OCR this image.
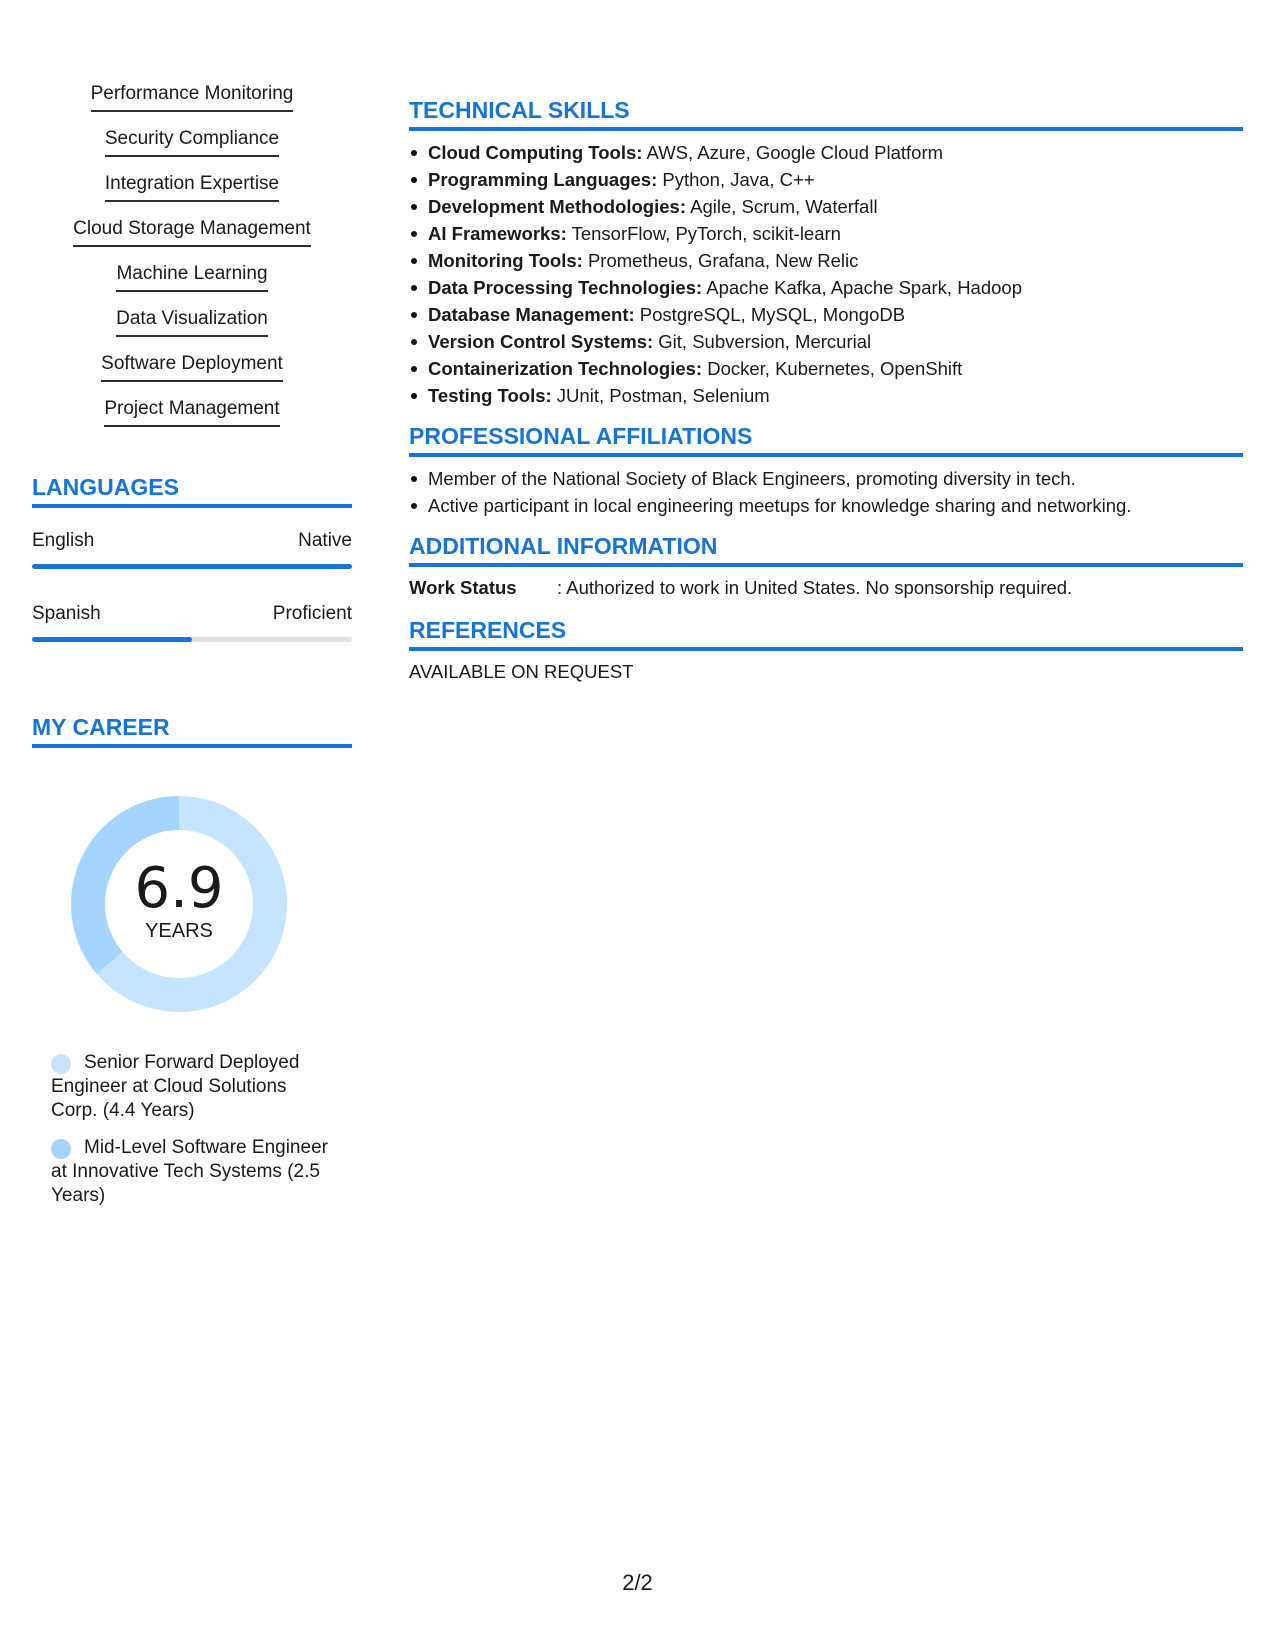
Performance Monitoring
Security Compliance
Integration Expertise
Cloud Storage Management
Machine Learning
Data Visualization
Software Deployment
Project Management
LANGUAGES
English	Native
Spanish	Proficient
MY CAREER
6.9
YEARS
Senior Forward Deployed Engineer at Cloud Solutions Corp. (4.4 Years)
Mid-Level Software Engineer at Innovative Tech Systems (2.5 Years)
TECHNICAL SKILLS
Cloud Computing Tools: AWS, Azure, Google Cloud Platform
Programming Languages: Python, Java, C++
Development Methodologies: Agile, Scrum, Waterfall
AI Frameworks: TensorFlow, PyTorch, scikit-learn
Monitoring Tools: Prometheus, Grafana, New Relic
Data Processing Technologies: Apache Kafka, Apache Spark, Hadoop
Database Management: PostgreSQL, MySQL, MongoDB
Version Control Systems: Git, Subversion, Mercurial
Containerization Technologies: Docker, Kubernetes, OpenShift
Testing Tools: JUnit, Postman, Selenium
PROFESSIONAL AFFILIATIONS
Member of the National Society of Black Engineers, promoting diversity in tech.
Active participant in local engineering meetups for knowledge sharing and networking.
ADDITIONAL INFORMATION
Work Status	: Authorized to work in United States. No sponsorship required.
REFERENCES
AVAILABLE ON REQUEST
2/2
